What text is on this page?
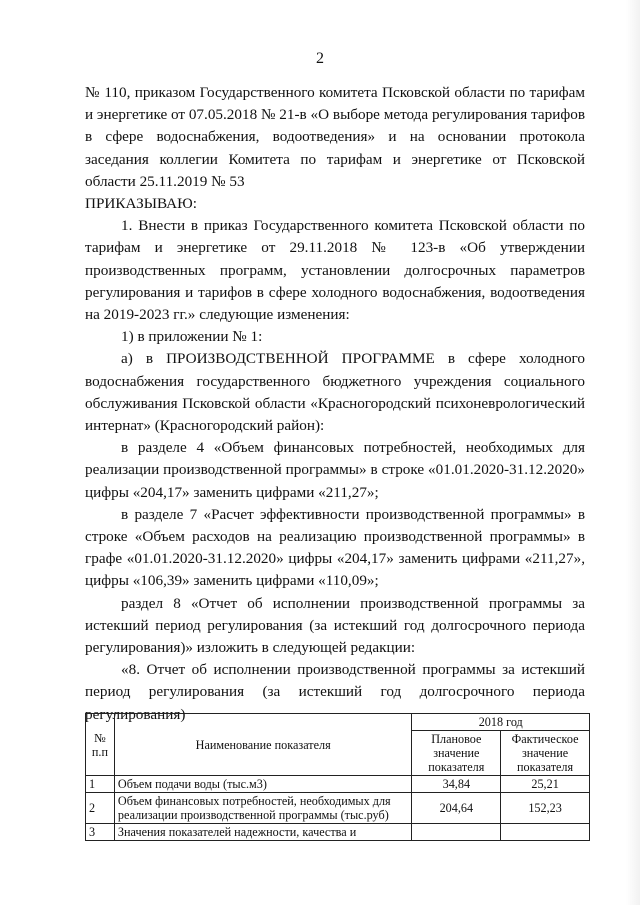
2

№ 110, приказом Государственного комитета Псковской области по тарифам и энергетике от 07.05.2018 № 21-в «О выборе метода регулирования тарифов в сфере водоснабжения, водоотведения» и на основании протокола заседания коллегии Комитета по тарифам и энергетике от Псковской области 25.11.2019 № 53

ПРИКАЗЫВАЮ:

1. Внести в приказ Государственного комитета Псковской области по тарифам и энергетике от 29.11.2018 № 123-в «Об утверждении производственных программ, установлении долгосрочных параметров регулирования и тарифов в сфере холодного водоснабжения, водоотведения на 2019-2023 гг.» следующие изменения:

1) в приложении № 1:

а) в ПРОИЗВОДСТВЕННОЙ ПРОГРАММЕ в сфере холодного водоснабжения государственного бюджетного учреждения социального обслуживания Псковской области «Красногородский психоневрологический интернат» (Красногородский район):

в разделе 4 «Объем финансовых потребностей, необходимых для реализации производственной программы» в строке «01.01.2020-31.12.2020» цифры «204,17» заменить цифрами «211,27»;

в разделе 7 «Расчет эффективности производственной программы» в строке «Объем расходов на реализацию производственной программы» в графе «01.01.2020-31.12.2020» цифры «204,17» заменить цифрами «211,27», цифры «106,39» заменить цифрами «110,09»;

раздел 8 «Отчет об исполнении производственной программы за истекший период регулирования (за истекший год долгосрочного периода регулирования)» изложить в следующей редакции:

«8. Отчет об исполнении производственной программы за истекший период регулирования (за истекший год долгосрочного периода регулирования)

№ п.п	Наименование показателя	2018 год	
		Плановое значение показателя	Фактическое значение показателя
1	Объем подачи воды (тыс.м3)	34,84	25,21
2	Объем финансовых потребностей, необходимых для реализации производственной программы (тыс.руб)	204,64	152,23
3	Значения показателей надежности, качества и		
